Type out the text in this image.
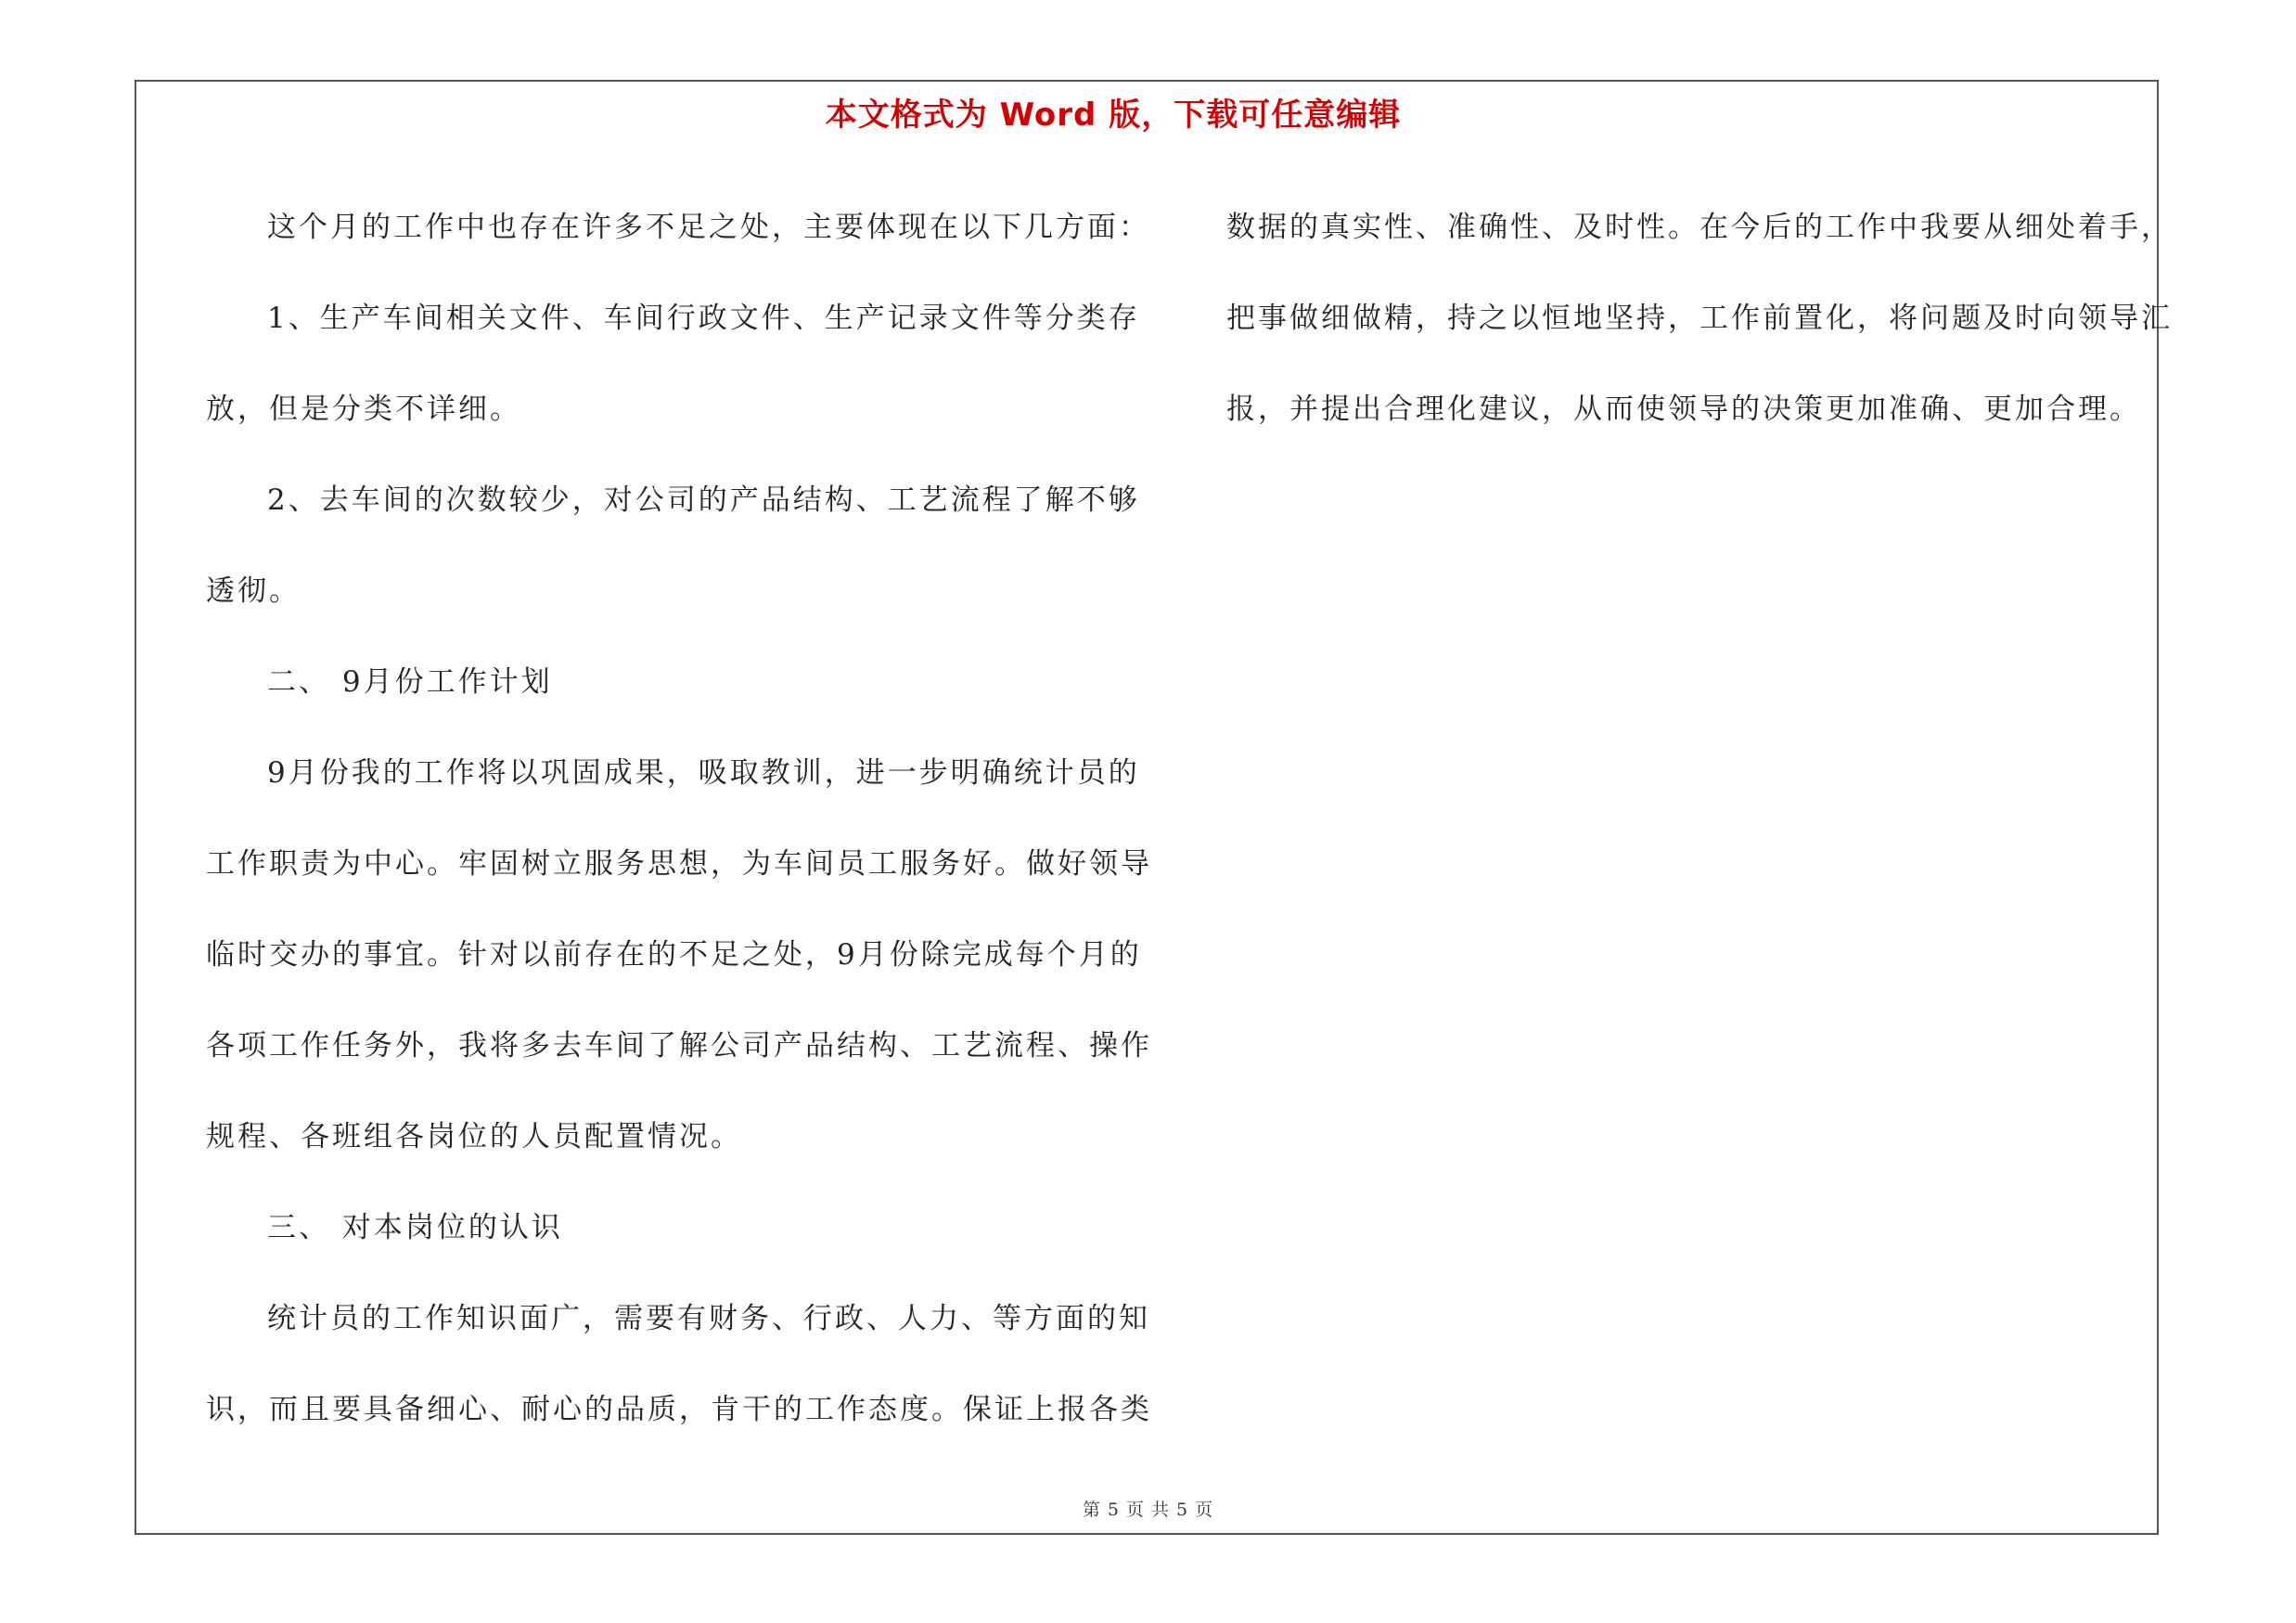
本文格式为 Word 版，下载可任意编辑

这个月的工作中也存在许多不足之处，主要体现在以下几方面：

1、生产车间相关文件、车间行政文件、生产记录文件等分类存

放，但是分类不详细。

2、去车间的次数较少，对公司的产品结构、工艺流程了解不够

透彻。

二、 9月份工作计划

9月份我的工作将以巩固成果，吸取教训，进一步明确统计员的

工作职责为中心。牢固树立服务思想，为车间员工服务好。做好领导

临时交办的事宜。针对以前存在的不足之处，9月份除完成每个月的

各项工作任务外，我将多去车间了解公司产品结构、工艺流程、操作

规程、各班组各岗位的人员配置情况。

三、 对本岗位的认识

统计员的工作知识面广，需要有财务、行政、人力、等方面的知

识，而且要具备细心、耐心的品质，肯干的工作态度。保证上报各类

数据的真实性、准确性、及时性。在今后的工作中我要从细处着手，

把事做细做精，持之以恒地坚持，工作前置化，将问题及时向领导汇

报，并提出合理化建议，从而使领导的决策更加准确、更加合理。

第 5 页 共 5 页
